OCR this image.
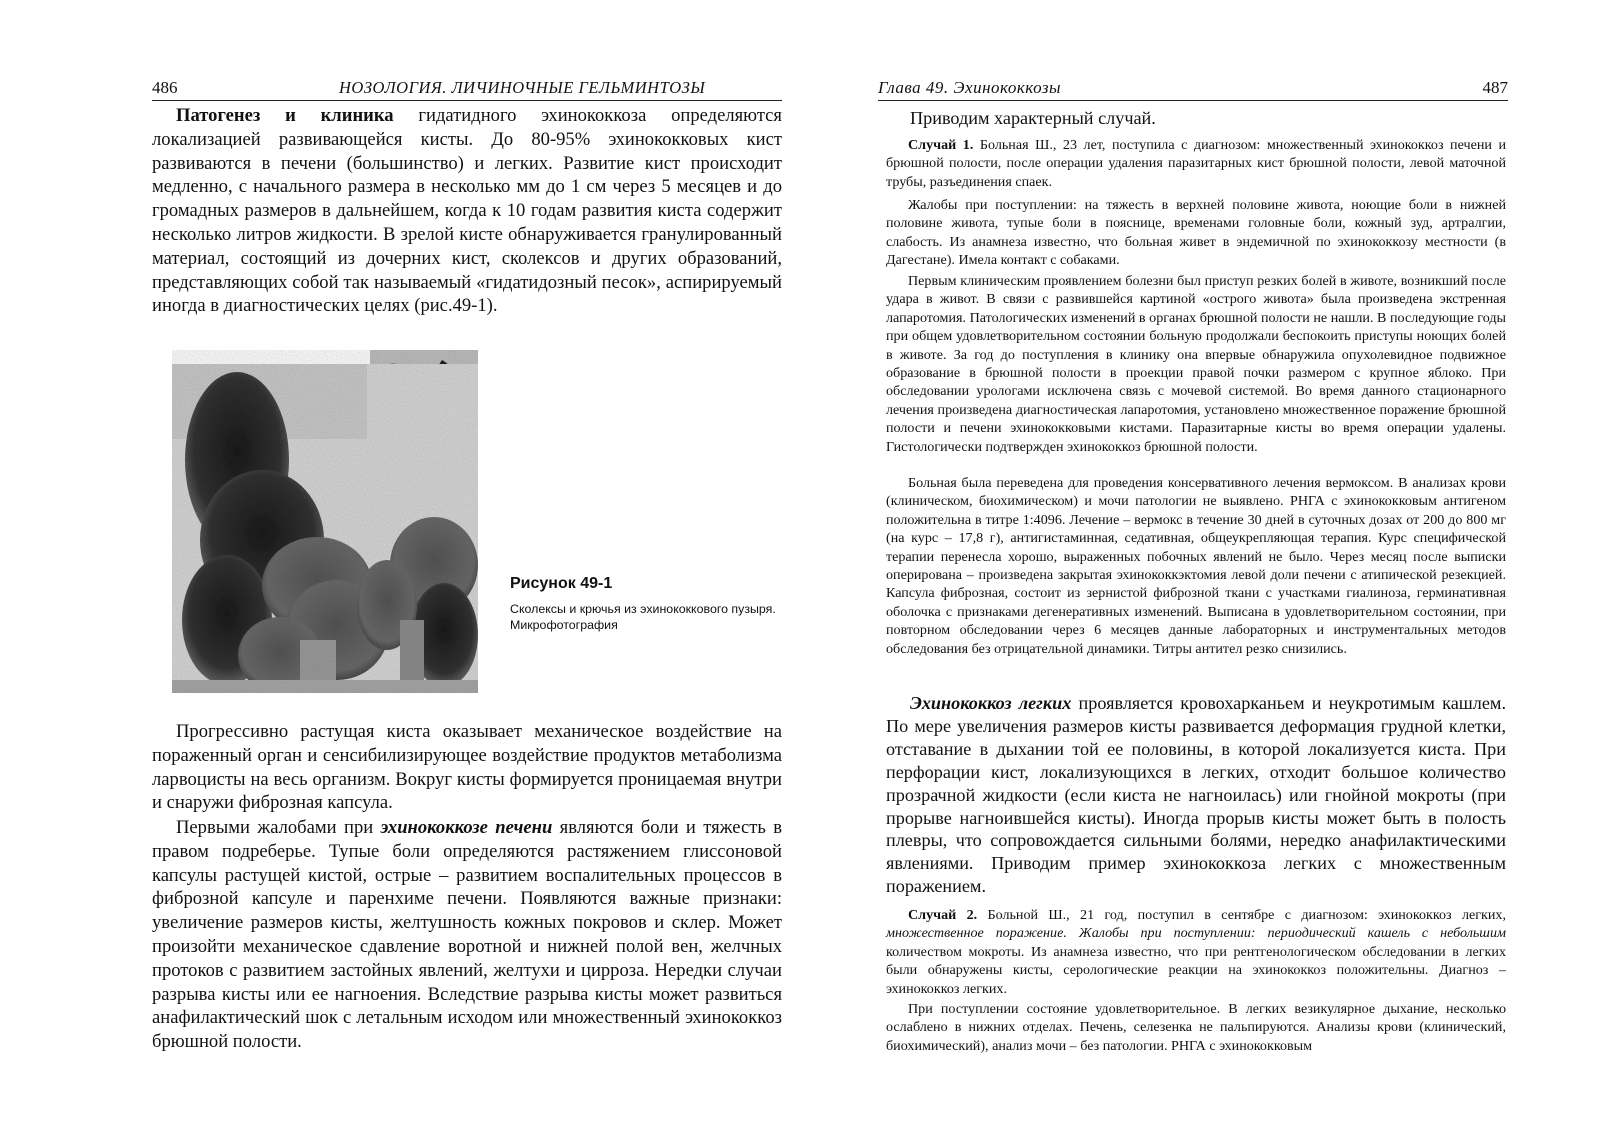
486	НОЗОЛОГИЯ. ЛИЧИНОЧНЫЕ ГЕЛЬМИНТОЗЫ

Патогенез и клиника гидатидного эхинококкоза определяются локализацией развивающейся кисты. До 80-95% эхинококковых кист развиваются в печени (большинство) и легких. Развитие кист происходит медленно, с начального размера в несколько мм до 1 см через 5 месяцев и до громадных размеров в дальнейшем, когда к 10 годам развития киста содержит несколько литров жидкости. В зрелой кисте обнаруживается гранулированный материал, состоящий из дочерних кист, сколексов и других образований, представляющих собой так называемый «гидатидозный песок», аспирируемый иногда в диагностических целях (рис.49-1).

Рисунок 49-1
Сколексы и крючья из эхинококкового пузыря. Микрофотография

Прогрессивно растущая киста оказывает механическое воздействие на пораженный орган и сенсибилизирующее воздействие продуктов метаболизма ларвоцисты на весь организм. Вокруг кисты формируется проницаемая внутри и снаружи фиброзная капсула.

Первыми жалобами при эхинококкозе печени являются боли и тяжесть в правом подреберье. Тупые боли определяются растяжением глиссоновой капсулы растущей кистой, острые – развитием воспалительных процессов в фиброзной капсуле и паренхиме печени. Появляются важные признаки: увеличение размеров кисты, желтушность кожных покровов и склер. Может произойти механическое сдавление воротной и нижней полой вен, желчных протоков с развитием застойных явлений, желтухи и цирроза. Нередки случаи разрыва кисты или ее нагноения. Вследствие разрыва кисты может развиться анафилактический шок с летальным исходом или множественный эхинококкоз брюшной полости.

Глава 49. Эхинококкозы	487

Приводим характерный случай.

Случай 1. Больная Ш., 23 лет, поступила с диагнозом: множественный эхинококкоз печени и брюшной полости, после операции удаления паразитарных кист брюшной полости, левой маточной трубы, разъединения спаек.

Жалобы при поступлении: на тяжесть в верхней половине живота, ноющие боли в нижней половине живота, тупые боли в пояснице, временами головные боли, кожный зуд, артралгии, слабость. Из анамнеза известно, что больная живет в эндемичной по эхинококкозу местности (в Дагестане). Имела контакт с собаками.

Первым клиническим проявлением болезни был приступ резких болей в животе, возникший после удара в живот. В связи с развившейся картиной «острого живота» была произведена экстренная лапаротомия. Патологических изменений в органах брюшной полости не нашли. В последующие годы при общем удовлетворительном состоянии больную продолжали беспокоить приступы ноющих болей в животе. За год до поступления в клинику она впервые обнаружила опухолевидное подвижное образование в брюшной полости в проекции правой почки размером с крупное яблоко. При обследовании урологами исключена связь с мочевой системой. Во время данного стационарного лечения произведена диагностическая лапаротомия, установлено множественное поражение брюшной полости и печени эхинококковыми кистами. Паразитарные кисты во время операции удалены. Гистологически подтвержден эхинококкоз брюшной полости.

Больная была переведена для проведения консервативного лечения вермоксом. В анализах крови (клиническом, биохимическом) и мочи патологии не выявлено. РНГА с эхинококковым антигеном положительна в титре 1:4096. Лечение – вермокс в течение 30 дней в суточных дозах от 200 до 800 мг (на курс – 17,8 г), антигистаминная, седативная, общеукрепляющая терапия. Курс специфической терапии перенесла хорошо, выраженных побочных явлений не было. Через месяц после выписки оперирована – произведена закрытая эхинококкэктомия левой доли печени с атипической резекцией. Капсула фиброзная, состоит из зернистой фиброзной ткани с участками гиалиноза, герминативная оболочка с признаками дегенеративных изменений. Выписана в удовлетворительном состоянии, при повторном обследовании через 6 месяцев данные лабораторных и инструментальных методов обследования без отрицательной динамики. Титры антител резко снизились.

Эхинококкоз легких проявляется кровохарканьем и неукротимым кашлем. По мере увеличения размеров кисты развивается деформация грудной клетки, отставание в дыхании той ее половины, в которой локализуется киста. При перфорации кист, локализующихся в легких, отходит большое количество прозрачной жидкости (если киста не нагноилась) или гнойной мокроты (при прорыве нагноившейся кисты). Иногда прорыв кисты может быть в полость плевры, что сопровождается сильными болями, нередко анафилактическими явлениями. Приводим пример эхинококкоза легких с множественным поражением.

Случай 2. Больной Ш., 21 год, поступил в сентябре с диагнозом: эхинококкоз легких, множественное поражение. Жалобы при поступлении: периодический кашель с небольшим количеством мокроты. Из анамнеза известно, что при рентгенологическом обследовании в легких были обнаружены кисты, серологические реакции на эхинококкоз положительны. Диагноз – эхинококкоз легких.

При поступлении состояние удовлетворительное. В легких везикулярное дыхание, несколько ослаблено в нижних отделах. Печень, селезенка не пальпируются. Анализы крови (клинический, биохимический), анализ мочи – без патологии. РНГА с эхинококковым
